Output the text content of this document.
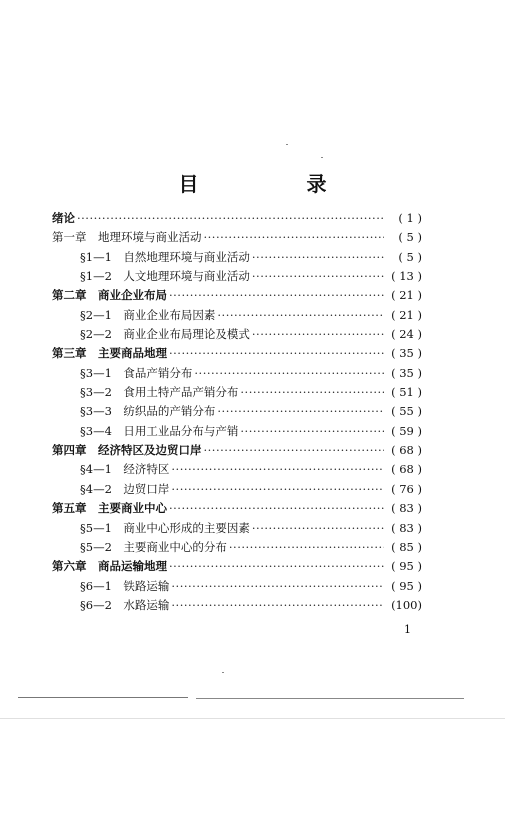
目　录
绪论 ·····	( 1 )
第一章　地理环境与商业活动 ·····	( 5 )
§1—1　自然地理环境与商业活动 ·····	( 5 )
§1—2　人文地理环境与商业活动 ·····	( 13 )
第二章　商业企业布局 ·····	( 21 )
§2—1　商业企业布局因素 ·····	( 21 )
§2—2　商业企业布局理论及模式 ·····	( 24 )
第三章　主要商品地理 ·····	( 35 )
§3—1　食品产销分布 ·····	( 35 )
§3—2　食用土特产品产销分布 ·····	( 51 )
§3—3　纺织品的产销分布 ·····	( 55 )
§3—4　日用工业品分布与产销 ·····	( 59 )
第四章　经济特区及边贸口岸 ·····	( 68 )
§4—1　经济特区 ·····	( 68 )
§4—2　边贸口岸 ·····	( 76 )
第五章　主要商业中心 ·····	( 83 )
§5—1　商业中心形成的主要因素 ·····	( 83 )
§5—2　主要商业中心的分布 ·····	( 85 )
第六章　商品运输地理 ·····	( 95 )
§6—1　铁路运输 ·····	( 95 )
§6—2　水路运输 ·····	(100)
1
